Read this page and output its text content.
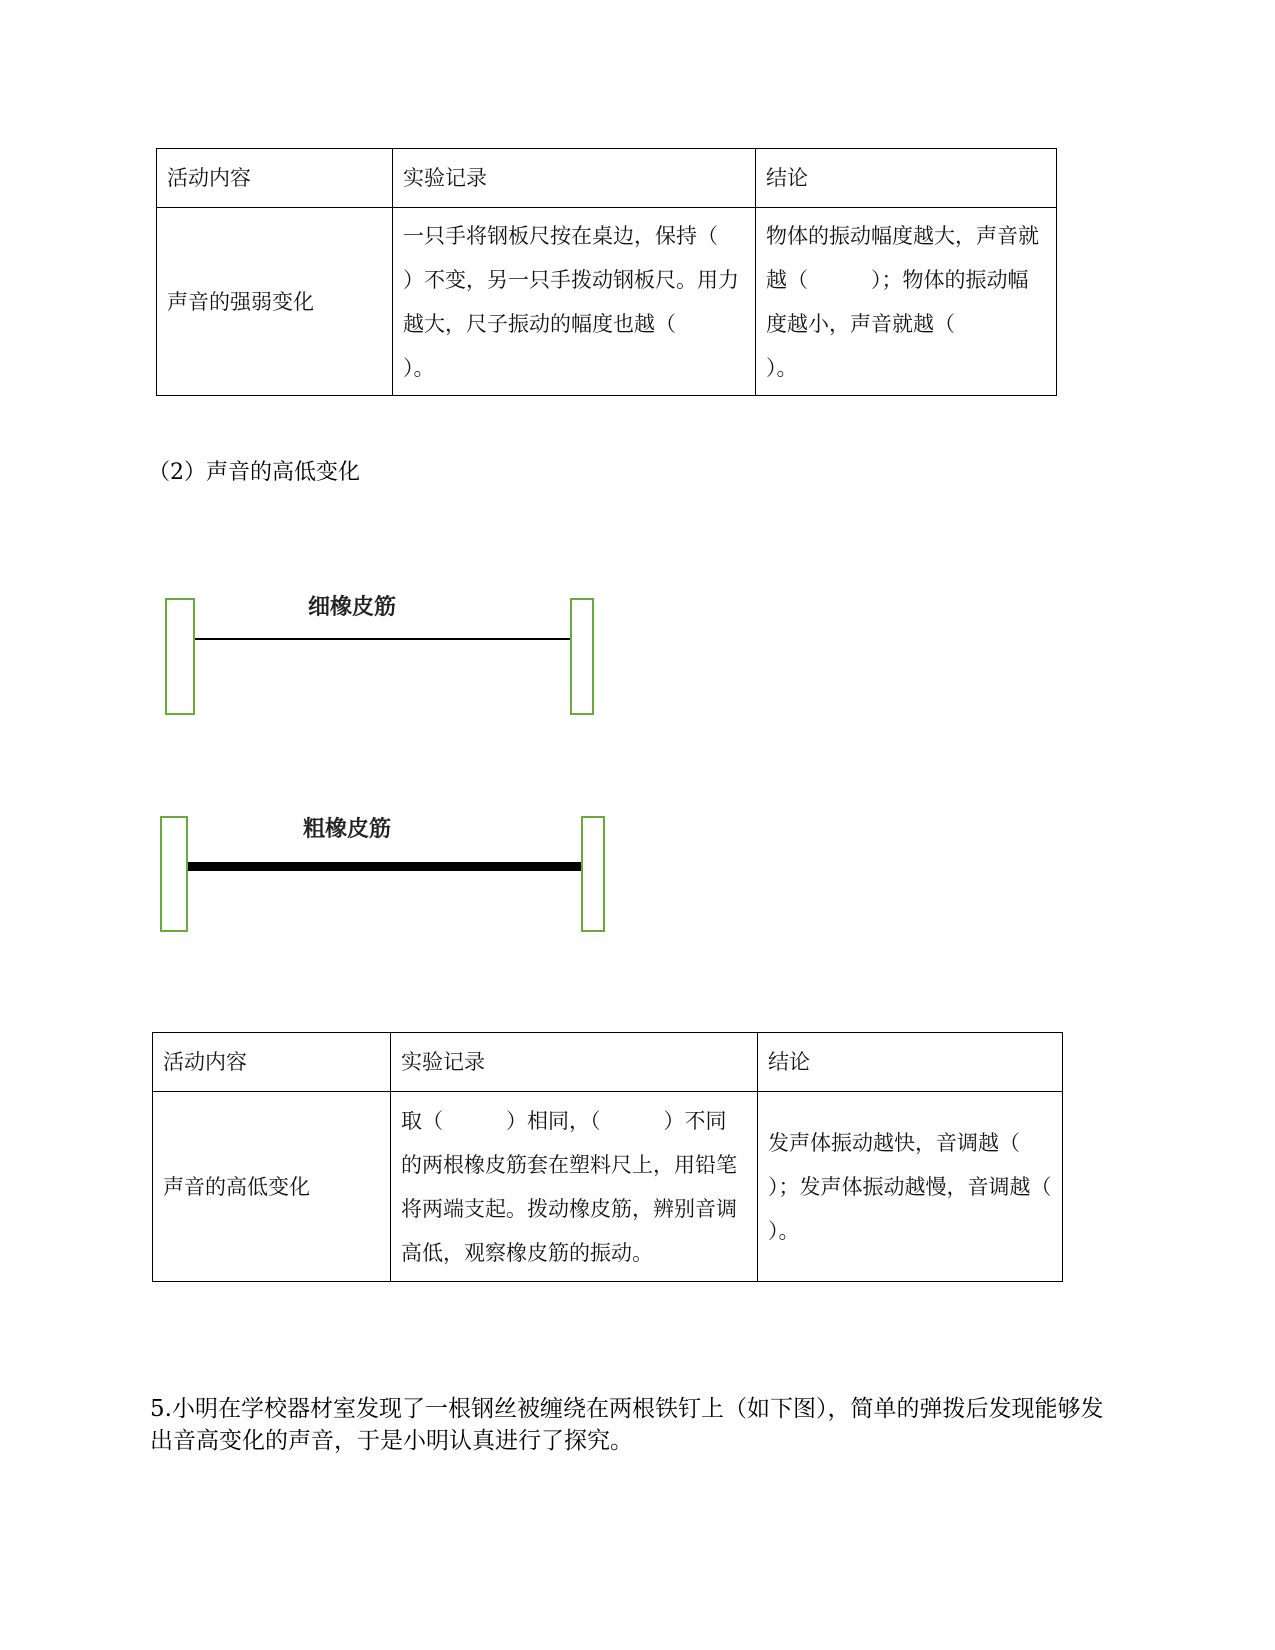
活动内容	实验记录	结论
声音的强弱变化	一只手将钢板尺按在桌边，保持（　　　）不变，另一只手拨动钢板尺。用力越大，尺子振动的幅度也越（　　　）。	物体的振动幅度越大，声音就越（　　　）；物体的振动幅度越小，声音就越（　　　）。
（2）声音的高低变化
细橡皮筋
粗橡皮筋
活动内容	实验记录	结论
声音的高低变化	取（　　　）相同，（　　　）不同的两根橡皮筋套在塑料尺上，用铅笔将两端支起。拨动橡皮筋，辨别音调高低，观察橡皮筋的振动。	发声体振动越快，音调越（　　　）；发声体振动越慢，音调越（　　　）。
5.小明在学校器材室发现了一根钢丝被缠绕在两根铁钉上（如下图），简单的弹拨后发现能够发出音高变化的声音，于是小明认真进行了探究。
